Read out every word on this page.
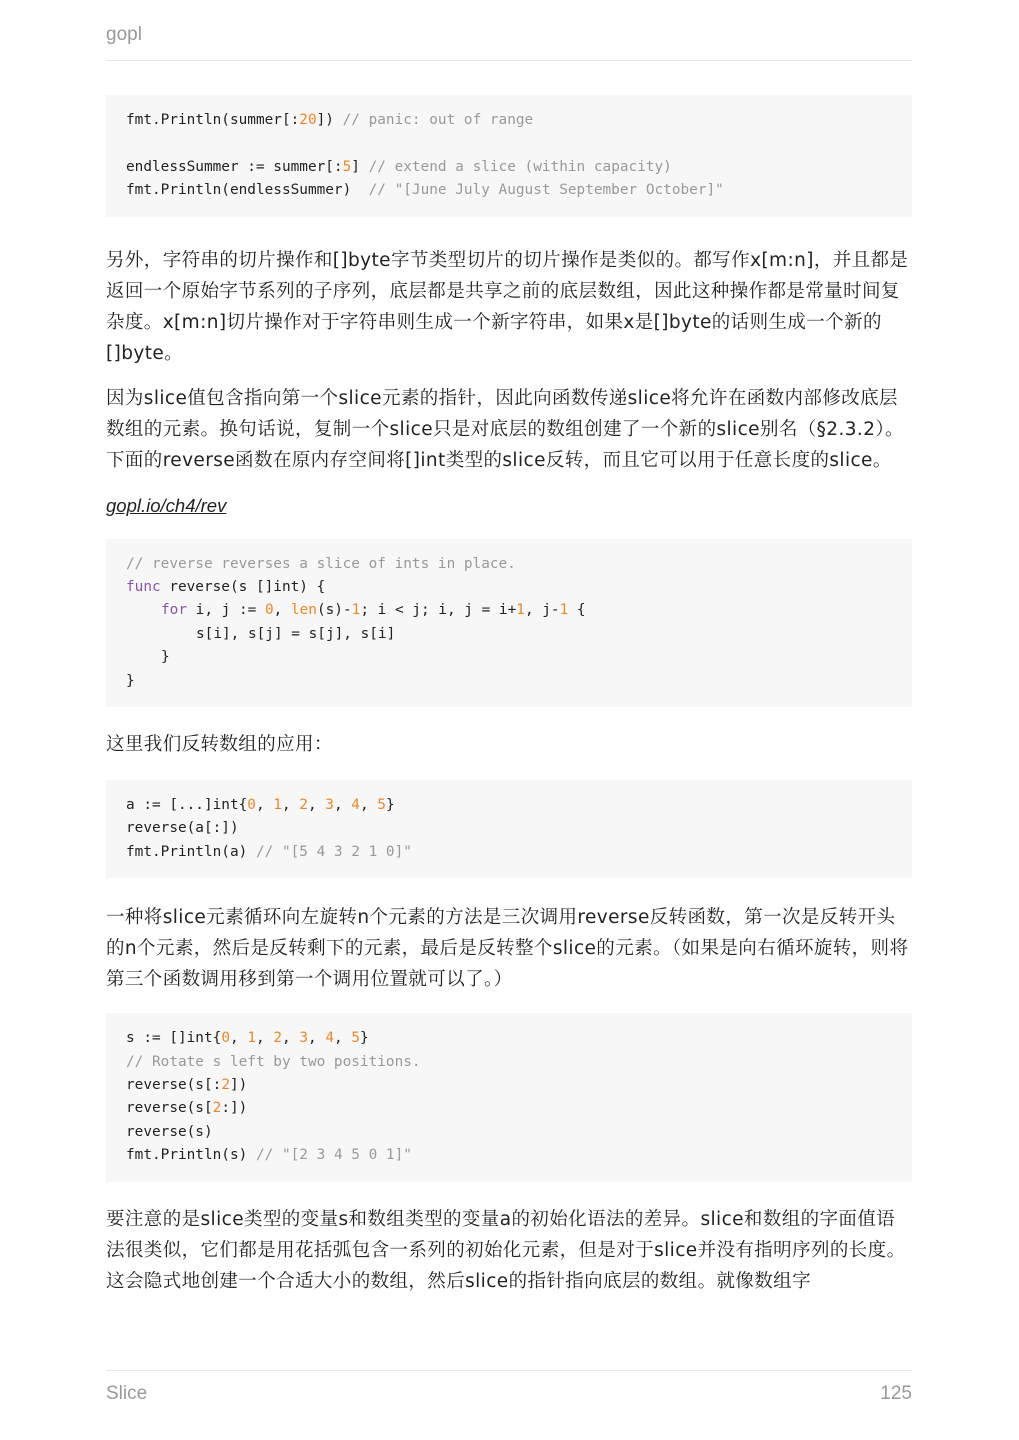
gopl
fmt.Println(summer[:20]) // panic: out of range
endlessSummer := summer[:5] // extend a slice (within capacity)
fmt.Println(endlessSummer)  // "[June July August September October]"

另外，字符串的切片操作和[]byte字节类型切片的切片操作是类似的。都写作x[m:n]，并且都是返回一个原始字节系列的子序列，底层都是共享之前的底层数组，因此这种操作都是常量时间复杂度。x[m:n]切片操作对于字符串则生成一个新字符串，如果x是[]byte的话则生成一个新的[]byte。

因为slice值包含指向第一个slice元素的指针，因此向函数传递slice将允许在函数内部修改底层数组的元素。换句话说，复制一个slice只是对底层的数组创建了一个新的slice别名（§2.3.2）。下面的reverse函数在原内存空间将[]int类型的slice反转，而且它可以用于任意长度的slice。

gopl.io/ch4/rev
// reverse reverses a slice of ints in place.
func reverse(s []int) {
for i, j := 0, len(s)-1; i < j; i, j = i+1, j-1 {
s[i], s[j] = s[j], s[i]
}
}

这里我们反转数组的应用：

a := [...]int{0, 1, 2, 3, 4, 5}
reverse(a[:])
fmt.Println(a) // "[5 4 3 2 1 0]"

一种将slice元素循环向左旋转n个元素的方法是三次调用reverse反转函数，第一次是反转开头的n个元素，然后是反转剩下的元素，最后是反转整个slice的元素。（如果是向右循环旋转，则将第三个函数调用移到第一个调用位置就可以了。）

s := []int{0, 1, 2, 3, 4, 5}
// Rotate s left by two positions.
reverse(s[:2])
reverse(s[2:])
reverse(s)
fmt.Println(s) // "[2 3 4 5 0 1]"

要注意的是slice类型的变量s和数组类型的变量a的初始化语法的差异。slice和数组的字面值语法很类似，它们都是用花括弧包含一系列的初始化元素，但是对于slice并没有指明序列的长度。这会隐式地创建一个合适大小的数组，然后slice的指针指向底层的数组。就像数组字

Slice	125
